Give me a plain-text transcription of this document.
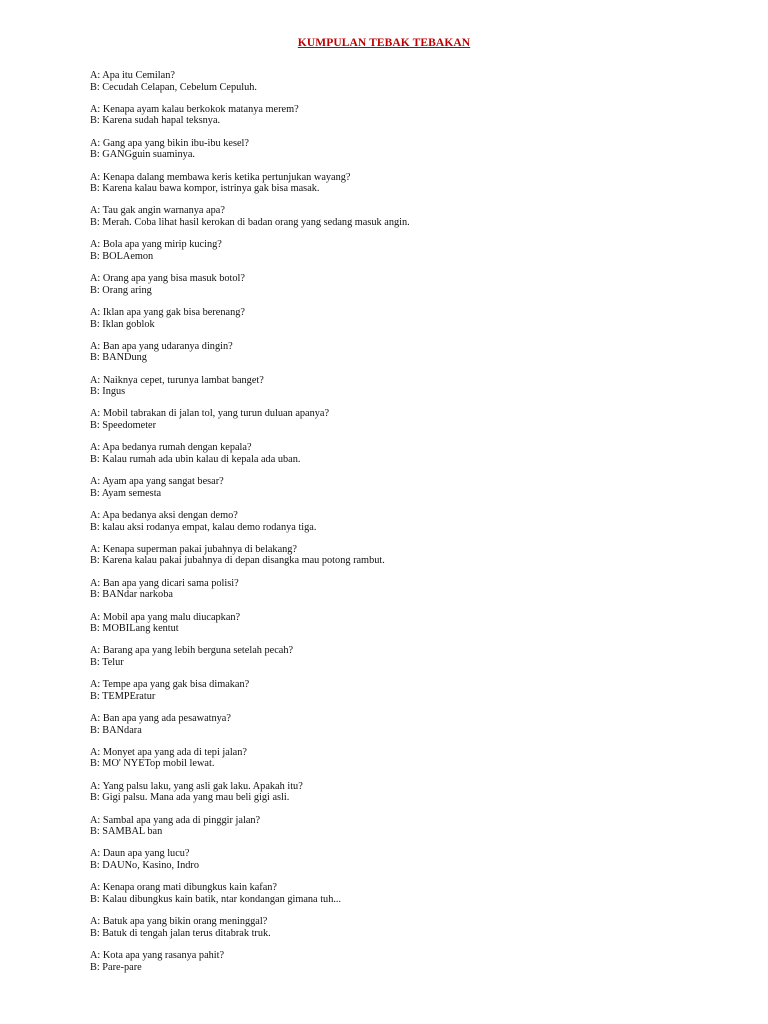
KUMPULAN TEBAK TEBAKAN
A: Apa itu Cemilan?
B: Cecudah Celapan, Cebelum Cepuluh.
A: Kenapa ayam kalau berkokok matanya merem?
B: Karena sudah hapal teksnya.
A: Gang apa yang bikin ibu-ibu kesel?
B: GANGguin suaminya.
A: Kenapa dalang membawa keris ketika pertunjukan wayang?
B: Karena kalau bawa kompor, istrinya gak bisa masak.
A: Tau gak angin warnanya apa?
B: Merah. Coba lihat hasil kerokan di badan orang yang sedang masuk angin.
A: Bola apa yang mirip kucing?
B: BOLAemon
A: Orang apa yang bisa masuk botol?
B: Orang aring
A: Iklan apa yang gak bisa berenang?
B: Iklan goblok
A: Ban apa yang udaranya dingin?
B: BANDung
A: Naiknya cepet, turunya lambat banget?
B: Ingus
A: Mobil tabrakan di jalan tol, yang turun duluan apanya?
B: Speedometer
A: Apa bedanya rumah dengan kepala?
B: Kalau rumah ada ubin kalau di kepala ada uban.
A: Ayam apa yang sangat besar?
B: Ayam semesta
A: Apa bedanya aksi dengan demo?
B: kalau aksi rodanya empat, kalau demo rodanya tiga.
A: Kenapa superman pakai jubahnya di belakang?
B: Karena kalau pakai jubahnya di depan disangka mau potong rambut.
A: Ban apa yang dicari sama polisi?
B: BANdar narkoba
A: Mobil apa yang malu diucapkan?
B: MOBILang kentut
A: Barang apa yang lebih berguna setelah pecah?
B: Telur
A: Tempe apa yang gak bisa dimakan?
B: TEMPEratur
A: Ban apa yang ada pesawatnya?
B: BANdara
A: Monyet apa yang ada di tepi jalan?
B: MO' NYETop mobil lewat.
A: Yang palsu laku, yang asli gak laku. Apakah itu?
B: Gigi palsu. Mana ada yang mau beli gigi asli.
A: Sambal apa yang ada di pinggir jalan?
B: SAMBAL ban
A: Daun apa yang lucu?
B: DAUNo, Kasino, Indro
A: Kenapa orang mati dibungkus kain kafan?
B: Kalau dibungkus kain batik, ntar kondangan gimana tuh...
A: Batuk apa yang bikin orang meninggal?
B: Batuk di tengah jalan terus ditabrak truk.
A: Kota apa yang rasanya pahit?
B: Pare-pare
